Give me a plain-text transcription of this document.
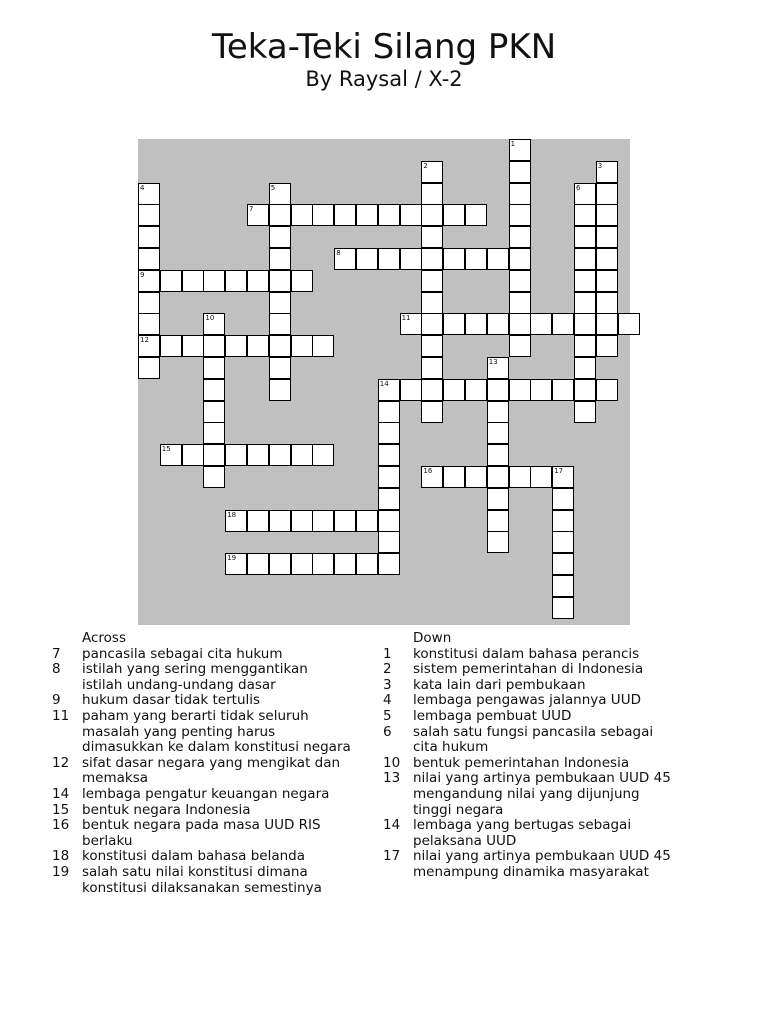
Teka-Teki Silang PKN
By Raysal / X-2
1
2	3
4
9
12
5	6
7
8
10	11
13
14
15
16	17
18
19
Across
7	pancasila sebagai cita hukum
8	istilah yang sering menggantikan istilah undang-undang dasar
9	hukum dasar tidak tertulis
11 paham yang berarti tidak seluruh masalah yang penting harus dimasukkan ke dalam konstitusi negara
12 sifat dasar negara yang mengikat dan memaksa
14 lembaga pengatur keuangan negara
15 bentuk negara Indonesia
16 bentuk negara pada masa UUD RIS berlaku
18 konstitusi dalam bahasa belanda
19 salah satu nilai konstitusi dimana konstitusi dilaksanakan semestinya
Down
1	konstitusi dalam bahasa perancis
2	sistem pemerintahan di Indonesia
3	kata lain dari pembukaan
4	lembaga pengawas jalannya UUD
5	lembaga pembuat UUD
6	salah satu fungsi pancasila sebagai cita hukum
10 bentuk pemerintahan Indonesia
13 nilai yang artinya pembukaan UUD 45 mengandung nilai yang dijunjung tinggi negara
14 lembaga yang bertugas sebagai pelaksana UUD
17 nilai yang artinya pembukaan UUD 45 menampung dinamika masyarakat
